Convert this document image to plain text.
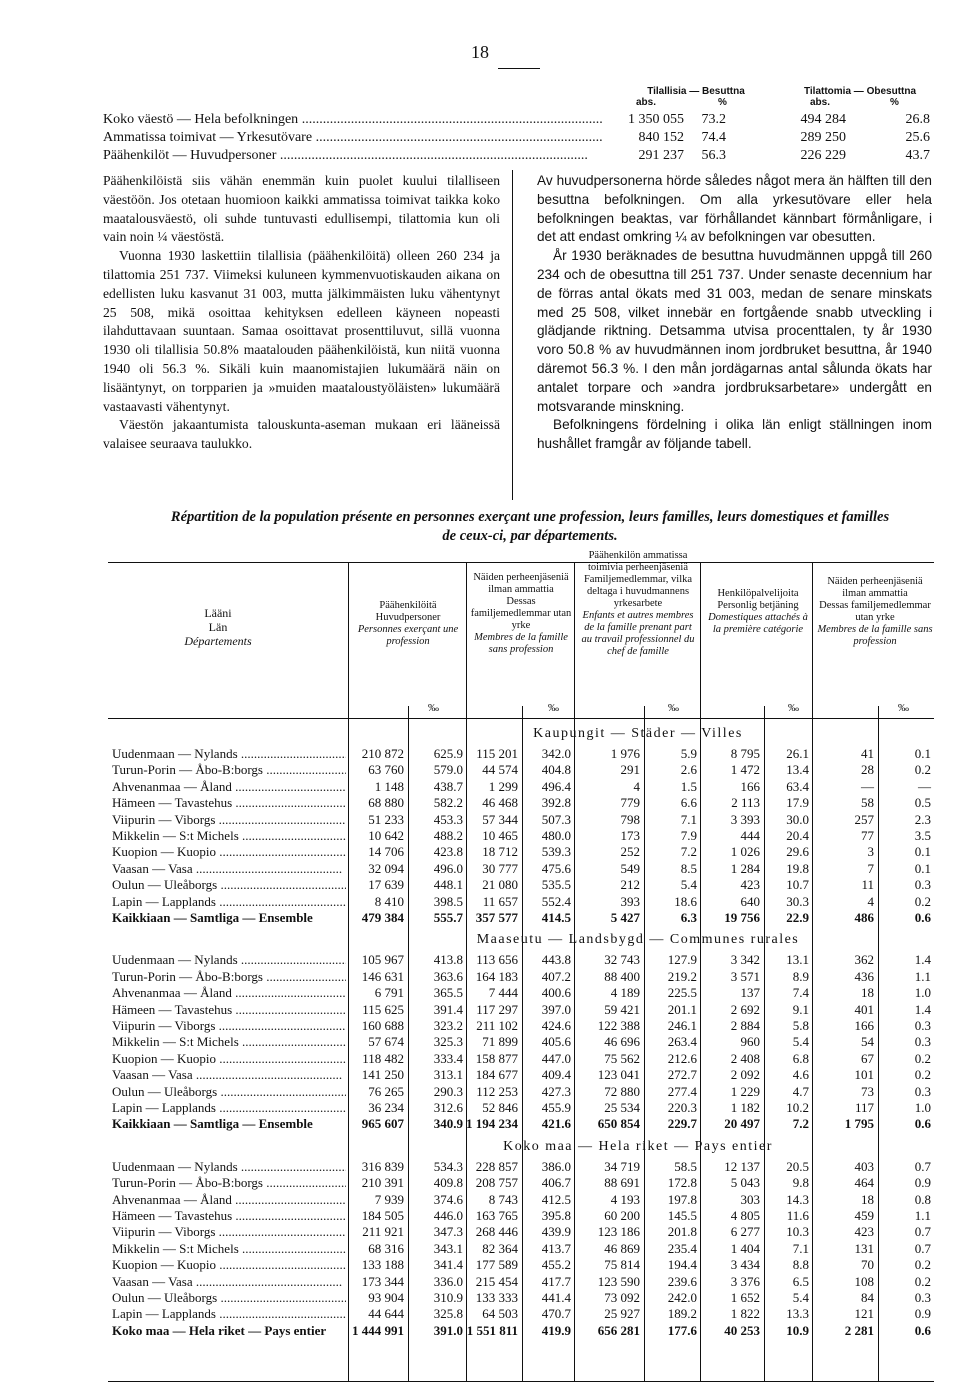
18
Tilallisia — Besuttna
abs.	%
Tilattomia — Obesuttna
abs.	%
Koko väestö — Hela befolkningen .....	1 350 055 73.2	494 284	26.8
Ammatissa toimivat — Yrkesutövare .....	840 152 74.4	289 250	25.6
Päähenkilöt — Huvudpersoner .....	291 237 56.3	226 229	43.7

Päähenkilöistä siis vähän enemmän kuin puolet kuului tilalliseen väestöön. Jos otetaan huomioon kaikki ammatissa toimivat taikka koko maatalousväestö, oli suhde tuntuvasti edullisempi, tilattomia kun oli vain noin ¼ väestöstä.

Vuonna 1930 laskettiin tilallisia (päähenkilöitä) olleen 260 234 ja tilattomia 251 737. Viimeksi kuluneen kymmenvuotiskauden aikana on edellisten luku kasvanut 31 003, mutta jälkimmäisten luku vähentynyt 25 508, mikä osoittaa kehityksen edelleen käyneen nopeasti ilahduttavaan suuntaan. Samaa osoittavat prosenttiluvut, sillä vuonna 1930 oli tilallisia 50.8% maatalouden päähenkilöistä, kun niitä vuonna 1940 oli 56.3 %. Sikäli kuin maanomistajien lukumäärä näin on lisääntynyt, on torpparien ja »muiden maataloustyöläisten» lukumäärä vastaavasti vähentynyt.

Väestön jakaantumista talouskunta-aseman mukaan eri lääneissä valaisee seuraava taulukko.

Av huvudpersonerna hörde således något mera än hälften till den besuttna befolkningen. Om alla yrkesutövare eller hela befolkningen beaktas, var förhållandet kännbart förmånligare, i det att endast omkring ¼ av befolkningen var obesutten.

År 1930 beräknades de besuttna huvudmännen uppgå till 260 234 och de obesuttna till 251 737. Under senaste decennium har de förras antal ökats med 31 003, medan de senare minskats med 25 508, vilket innebär en fortgående snabb utveckling i glädjande riktning. Detsamma utvisa procenttalen, ty år 1930 voro 50.8 % av huvudmännen inom jordbruket besuttna, år 1940 däremot 56.3 %. I den mån jordägarnas antal sålunda ökats har antalet torpare och »andra jordbruksarbetare» undergått en motsvarande minskning.

Befolkningens fördelning i olika län enligt ställningen inom hushållet framgår av följande tabell.

Répartition de la population présente en personnes exerçant une profession, leurs familles, leurs domestiques et familles
de ceux-ci, par départements.
Lääni
Län
Départements
Päähenkilöitä
Huvudpersoner
Personnes exerçant une profession
Näiden perheenjäseniä ilman ammattia
Dessas familjemedlemmar utan yrke
Membres de la famille sans profession
Päähenkilön ammatissa toimivia perheenjäseniä
Familjemedlemmar, vilka deltaga i huvudmannens yrkesarbete
Enfants et autres membres de la famille prenant part au travail professionnel du chef de famille
Henkilöpalvelijoita
Personlig betjäning
Domestiques attachés à la première catégorie
Näiden perheenjäseniä ilman ammattia
Dessas familjemedlemmar utan yrke
Membres de la famille sans profession
‰	‰	‰	‰	‰
Kaupungit — Städer — Villes
Uudenmaan — Nylands .....	210 872 625.9 115 201 342.0	1 976	5.9	8 795 26.1	41	0.1
Turun-Porin — Åbo-B:borgs .....	63 760 579.0 44 574 404.8	291	2.6	1 472 13.4	28	0.2
Ahvenanmaa — Åland .....	1 148 438.7 1 299 496.4	4	1.5	166 63.4	—	—
Hämeen — Tavastehus .....	68 880 582.2 46 468 392.8	779	6.6	2 113 17.9	58	0.5
Viipurin — Viborgs .....	51 233 453.3 57 344 507.3	798	7.1	3 393 30.0	257	2.3
Mikkelin — S:t Michels .....	10 642 488.2 10 465 480.0	173	7.9	444 20.4	77	3.5
Kuopion — Kuopio .....	14 706 423.8 18 712 539.3	252	7.2	1 026 29.6	3	0.1
Vaasan — Vasa .....	32 094 496.0 30 777 475.6	549	8.5	1 284 19.8	7	0.1
Oulun — Uleåborgs .....	17 639 448.1 21 080 535.5	212	5.4	423 10.7	11	0.3
Lapin — Lapplands .....	8 410 398.5 11 657 552.4	393	18.6	640 30.3	4	0.2
Kaikkiaan — Samtliga — Ensemble	479 384 555.7 357 577 414.5	5 427	6.3 19 756 22.9	486	0.6
Maaseutu — Landsbygd — Communes rurales
Uudenmaan — Nylands .....	105 967 413.8 113 656 443.8	32 743 127.9	3 342 13.1	362	1.4
Turun-Porin — Åbo-B:borgs .....	146 631 363.6 164 183 407.2	88 400 219.2	3 571	8.9	436	1.1
Ahvenanmaa — Åland .....	6 791 365.5 7 444 400.6	4 189 225.5	137	7.4	18	1.0
Hämeen — Tavastehus .....	115 625 391.4 117 297 397.0	59 421 201.1	2 692	9.1	401	1.4
Viipurin — Viborgs .....	160 688 323.2 211 102 424.6 122 388 246.1	2 884	5.8	166	0.3
Mikkelin — S:t Michels .....	57 674 325.3 71 899 405.6	46 696 263.4	960	5.4	54	0.3
Kuopion — Kuopio .....	118 482 333.4 158 877 447.0	75 562 212.6	2 408	6.8	67	0.2
Vaasan — Vasa .....	141 250 313.1 184 677 409.4 123 041 272.7	2 092	4.6	101	0.2
Oulun — Uleåborgs .....	76 265 290.3 112 253 427.3	72 880 277.4	1 229	4.7	73	0.3
Lapin — Lapplands .....	36 234 312.6 52 846 455.9	25 534 220.3	1 182 10.2	117	1.0
Kaikkiaan — Samtliga — Ensemble	965 607 340.9 1 194 234 421.6 650 854 229.7 20 497	7.2	1 795	0.6
Koko maa — Hela riket — Pays entier
Uudenmaan — Nylands .....	316 839 534.3 228 857 386.0	34 719	58.5 12 137 20.5	403	0.7
Turun-Porin — Åbo-B:borgs .....	210 391 409.8 208 757 406.7	88 691 172.8	5 043	9.8	464	0.9
Ahvenanmaa — Åland .....	7 939 374.6 8 743 412.5	4 193 197.8	303 14.3	18	0.8
Hämeen — Tavastehus .....	184 505 446.0 163 765 395.8	60 200 145.5	4 805 11.6	459	1.1
Viipurin — Viborgs .....	211 921 347.3 268 446 439.9 123 186 201.8	6 277 10.3	423	0.7
Mikkelin — S:t Michels .....	68 316 343.1 82 364 413.7	46 869 235.4	1 404	7.1	131	0.7
Kuopion — Kuopio .....	133 188 341.4 177 589 455.2	75 814 194.4	3 434	8.8	70	0.2
Vaasan — Vasa .....	173 344 336.0 215 454 417.7 123 590 239.6	3 376	6.5	108	0.2
Oulun — Uleåborgs .....	93 904 310.9 133 333 441.4	73 092 242.0	1 652	5.4	84	0.3
Lapin — Lapplands .....	44 644 325.8 64 503 470.7	25 927 189.2	1 822 13.3	121	0.9
Koko maa — Hela riket — Pays entier	1 444 991 391.0 1 551 811 419.9 656 281 177.6 40 253 10.9	2 281	0.6
